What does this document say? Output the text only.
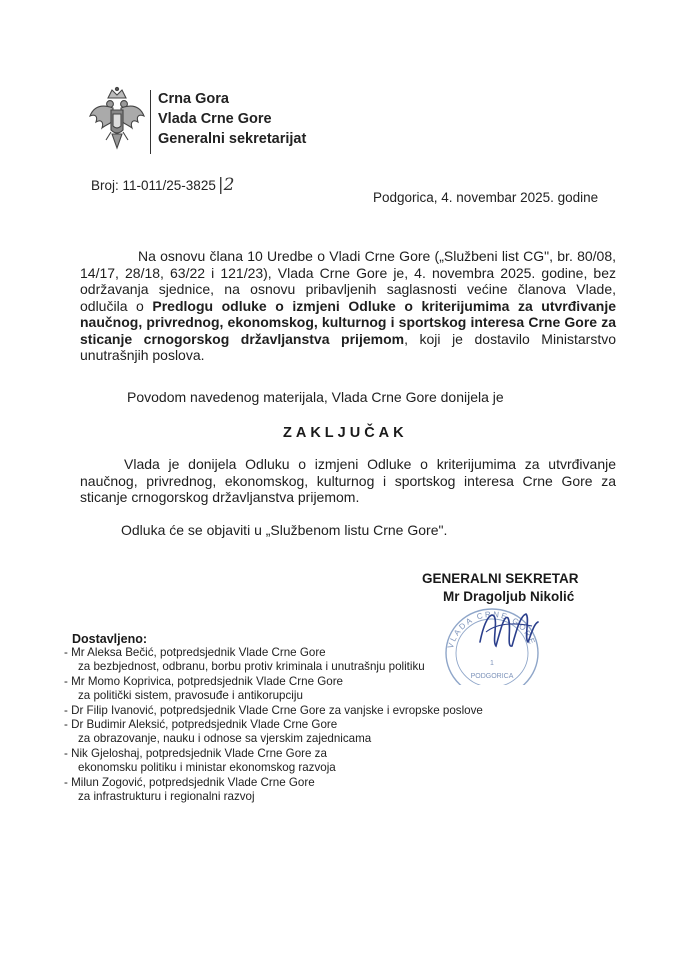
Crna Gora
Vlada Crne Gore
Generalni sekretarijat
Broj: 11-011/25-3825 |2
Podgorica, 4. novembar 2025. godine
Na osnovu člana 10 Uredbe o Vladi Crne Gore („Službeni list CG", br. 80/08, 14/17, 28/18, 63/22 i 121/23), Vlada Crne Gore je, 4. novembra 2025. godine, bez održavanja sjednice, na osnovu pribavljenih saglasnosti većine članova Vlade, odlučila o Predlogu odluke o izmjeni Odluke o kriterijumima za utvrđivanje naučnog, privrednog, ekonomskog, kulturnog i sportskog interesa Crne Gore za sticanje crnogorskog državljanstva prijemom, koji je dostavilo Ministarstvo unutrašnjih poslova.
Povodom navedenog materijala, Vlada Crne Gore donijela je
ZAKLJUČAK
Vlada je donijela Odluku o izmjeni Odluke o kriterijumima za utvrđivanje naučnog, privrednog, ekonomskog, kulturnog i sportskog interesa Crne Gore za sticanje crnogorskog državljanstva prijemom.
Odluka će se objaviti u „Službenom listu Crne Gore".
VLADA CRNE GORE
1
PODGORICA
GENERALNI SEKRETAR
Mr Dragoljub Nikolić
Dostavljeno:
- Mr Aleksa Bečić, potpredsjednik Vlade Crne Gore
za bezbjednost, odbranu, borbu protiv kriminala i unutrašnju politiku
- Mr Momo Koprivica, potpredsjednik Vlade Crne Gore
za politički sistem, pravosuđe i antikorupciju
- Dr Filip Ivanović, potpredsjednik Vlade Crne Gore za vanjske i evropske poslove
- Dr Budimir Aleksić, potpredsjednik Vlade Crne Gore
za obrazovanje, nauku i odnose sa vjerskim zajednicama
- Nik Gjeloshaj, potpredsjednik Vlade Crne Gore za
ekonomsku politiku i ministar ekonomskog razvoja
- Milun Zogović, potpredsjednik Vlade Crne Gore
za infrastrukturu i regionalni razvoj
